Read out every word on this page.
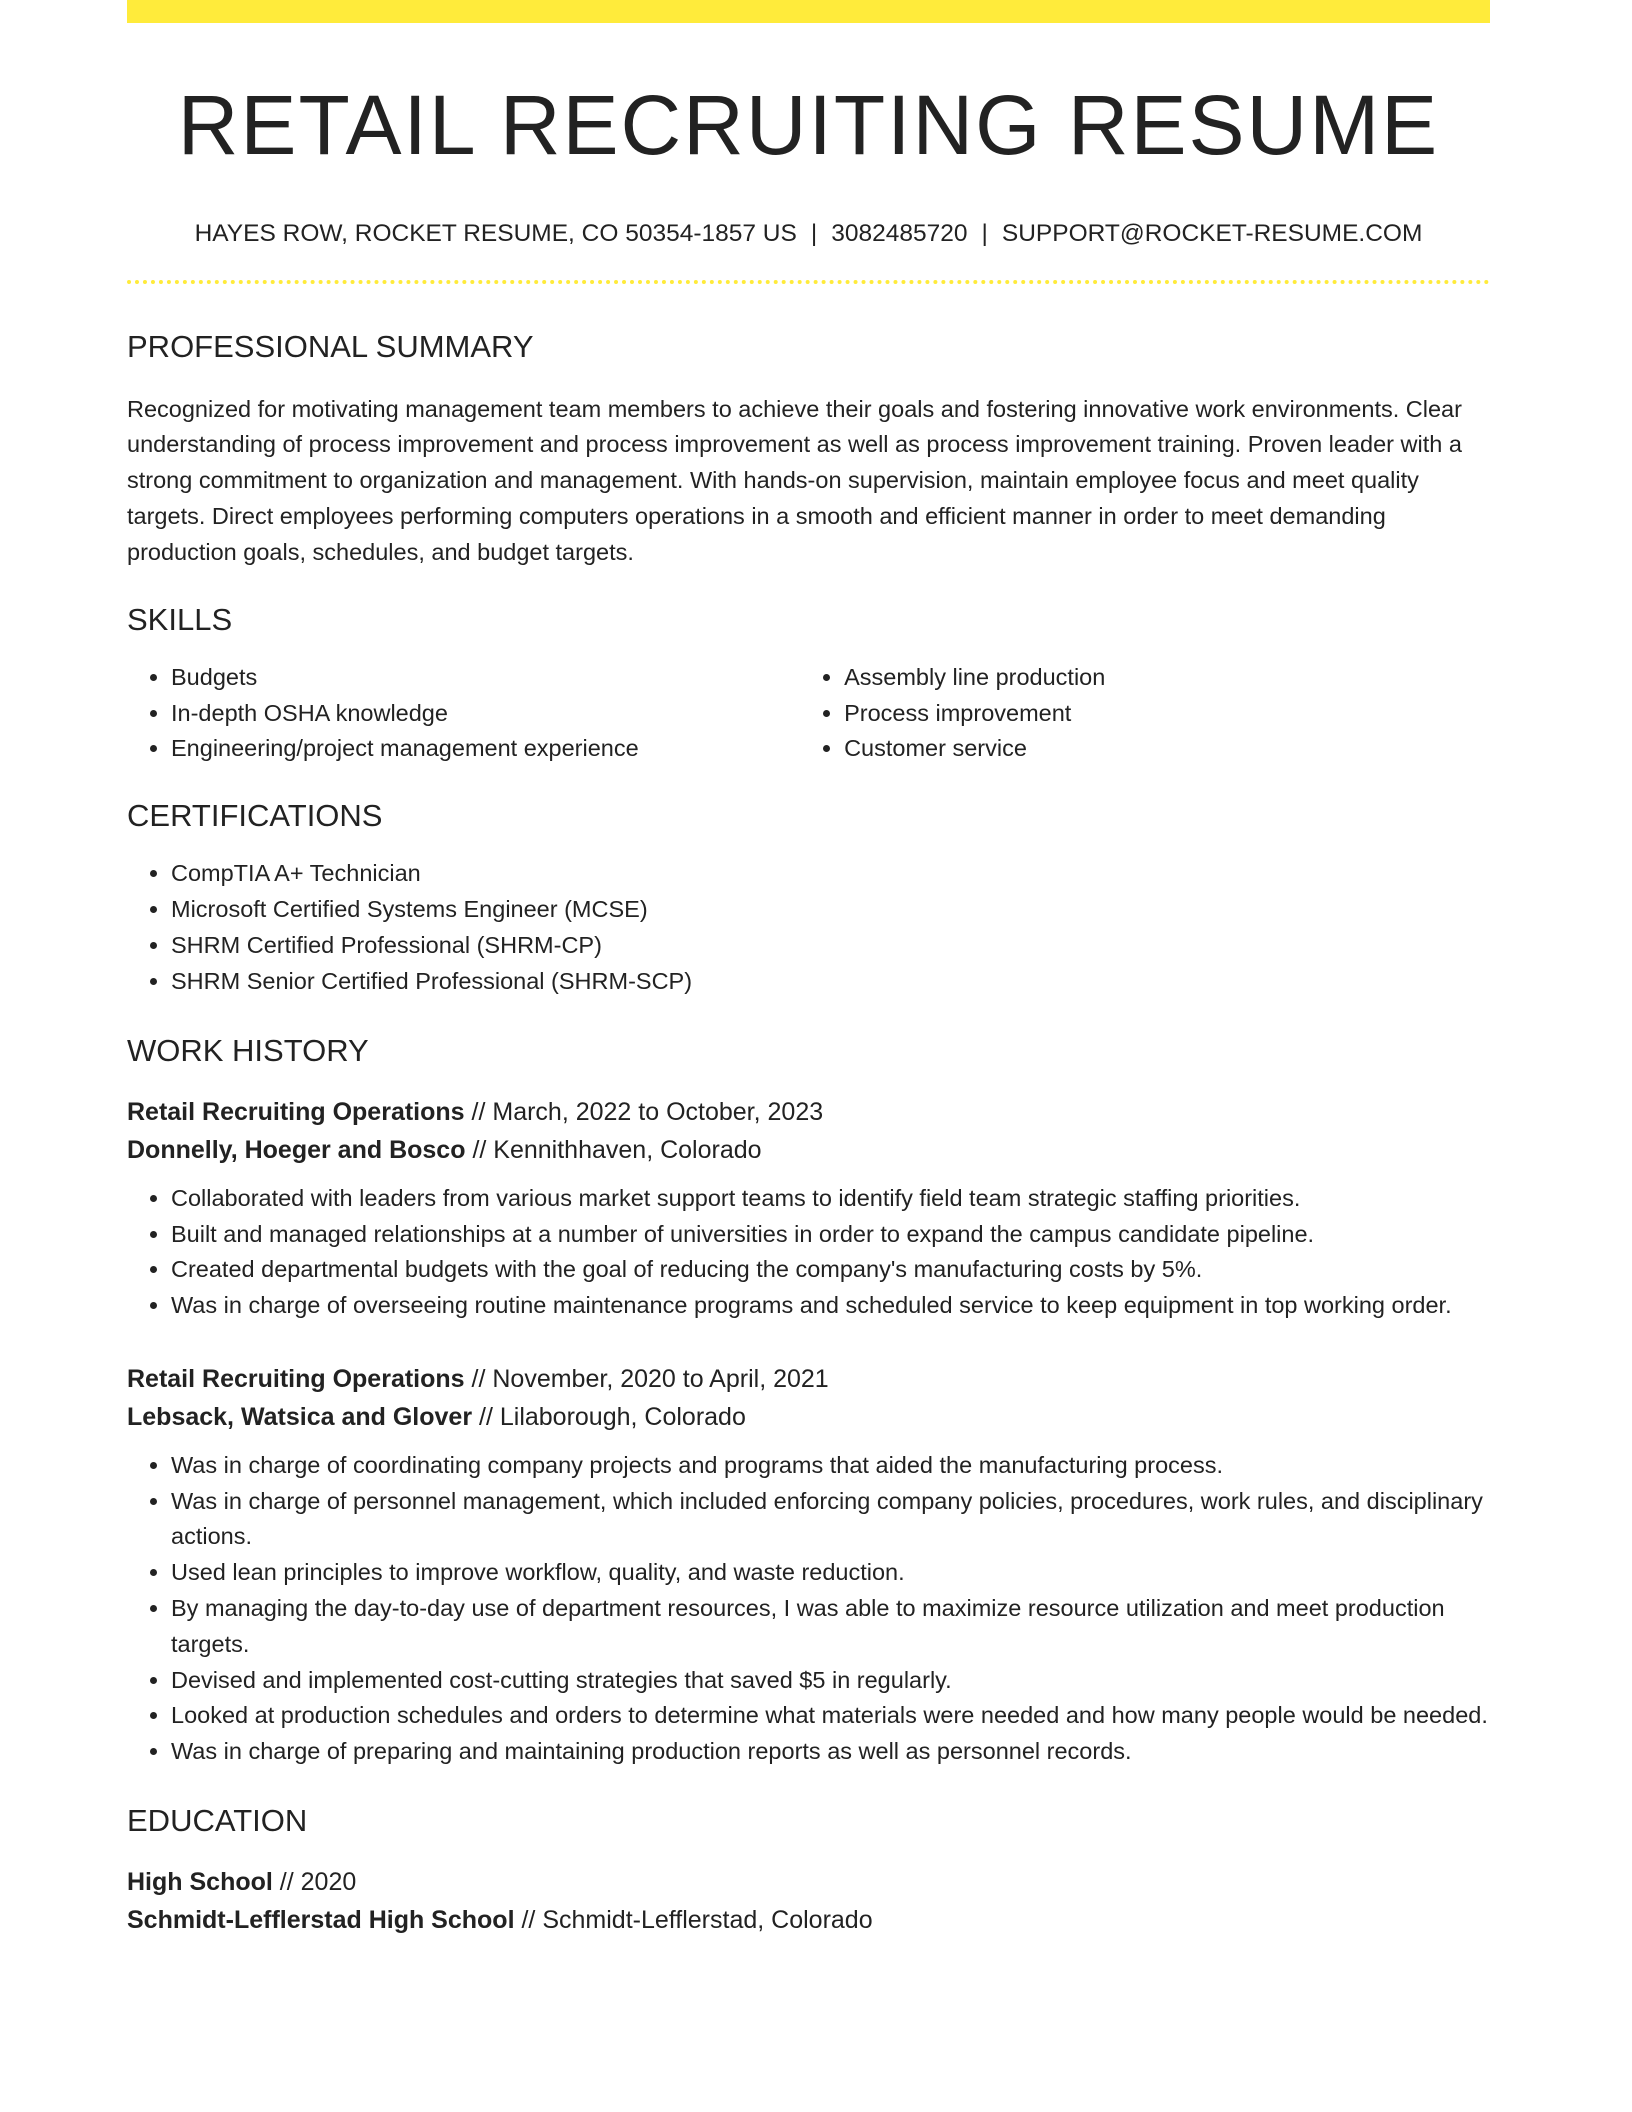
RETAIL RECRUITING RESUME
HAYES ROW, ROCKET RESUME, CO 50354-1857 US | 3082485720 | SUPPORT@ROCKET-RESUME.COM
PROFESSIONAL SUMMARY

Recognized for motivating management team members to achieve their goals and fostering innovative work environments. Clear understanding of process improvement and process improvement as well as process improvement training. Proven leader with a strong commitment to organization and management. With hands-on supervision, maintain employee focus and meet quality targets. Direct employees performing computers operations in a smooth and efficient manner in order to meet demanding production goals, schedules, and budget targets.

SKILLS
• Budgets
• In-depth OSHA knowledge
• Engineering/project management experience
• Assembly line production
• Process improvement
• Customer service
CERTIFICATIONS
• CompTIA A+ Technician
• Microsoft Certified Systems Engineer (MCSE)
• SHRM Certified Professional (SHRM-CP)
• SHRM Senior Certified Professional (SHRM-SCP)
WORK HISTORY
Retail Recruiting Operations // March, 2022 to October, 2023
Donnelly, Hoeger and Bosco // Kennithhaven, Colorado
• Collaborated with leaders from various market support teams to identify field team strategic staffing priorities.
• Built and managed relationships at a number of universities in order to expand the campus candidate pipeline.
• Created departmental budgets with the goal of reducing the company's manufacturing costs by 5%.
• Was in charge of overseeing routine maintenance programs and scheduled service to keep equipment in top working order.
Retail Recruiting Operations // November, 2020 to April, 2021
Lebsack, Watsica and Glover // Lilaborough, Colorado
• Was in charge of coordinating company projects and programs that aided the manufacturing process.
• Was in charge of personnel management, which included enforcing company policies, procedures, work rules, and disciplinary actions.
• Used lean principles to improve workflow, quality, and waste reduction.
• By managing the day-to-day use of department resources, I was able to maximize resource utilization and meet production targets.
• Devised and implemented cost-cutting strategies that saved $5 in regularly.
• Looked at production schedules and orders to determine what materials were needed and how many people would be needed.
• Was in charge of preparing and maintaining production reports as well as personnel records.
EDUCATION
High School // 2020
Schmidt-Lefflerstad High School // Schmidt-Lefflerstad, Colorado
